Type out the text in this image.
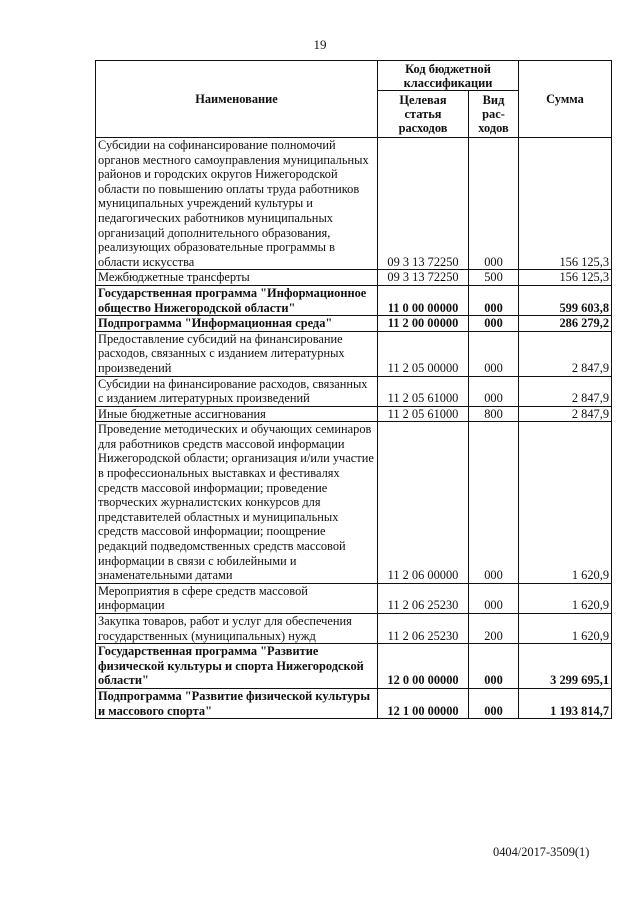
19
Наименование	Код бюджетной классификации		Сумма
	Целевая статья расходов	Вид рас-ходов	
Субсидии на софинансирование полномочий органов местного самоуправления муниципальных районов и городских округов Нижегородской области по повышению оплаты труда работников муниципальных учреждений культуры и педагогических работников муниципальных организаций дополнительного образования, реализующих образовательные программы в области искусства	09 3 13 72250	000	156 125,3
Межбюджетные трансферты	09 3 13 72250	500	156 125,3
Государственная программа "Информационное общество Нижегородской области"	11 0 00 00000	000	599 603,8
Подпрограмма "Информационная среда"	11 2 00 00000	000	286 279,2
Предоставление субсидий на финансирование расходов, связанных с изданием литературных произведений	11 2 05 00000	000	2 847,9
Субсидии на финансирование расходов, связанных с изданием литературных произведений	11 2 05 61000	000	2 847,9
Иные бюджетные ассигнования	11 2 05 61000	800	2 847,9
Проведение методических и обучающих семинаров для работников средств массовой информации Нижегородской области; организация и/или участие в профессиональных выставках и фестивалях средств массовой информации; проведение творческих журналистских конкурсов для представителей областных и муниципальных средств массовой информации; поощрение редакций подведомственных средств массовой информации в связи с юбилейными и знаменательными датами	11 2 06 00000	000	1 620,9
Мероприятия в сфере средств массовой информации	11 2 06 25230	000	1 620,9
Закупка товаров, работ и услуг для обеспечения государственных (муниципальных) нужд	11 2 06 25230	200	1 620,9
Государственная программа "Развитие физической культуры и спорта Нижегородской области"	12 0 00 00000	000	3 299 695,1
Подпрограмма "Развитие физической культуры и массового спорта"	12 1 00 00000	000	1 193 814,7
0404/2017-3509(1)
